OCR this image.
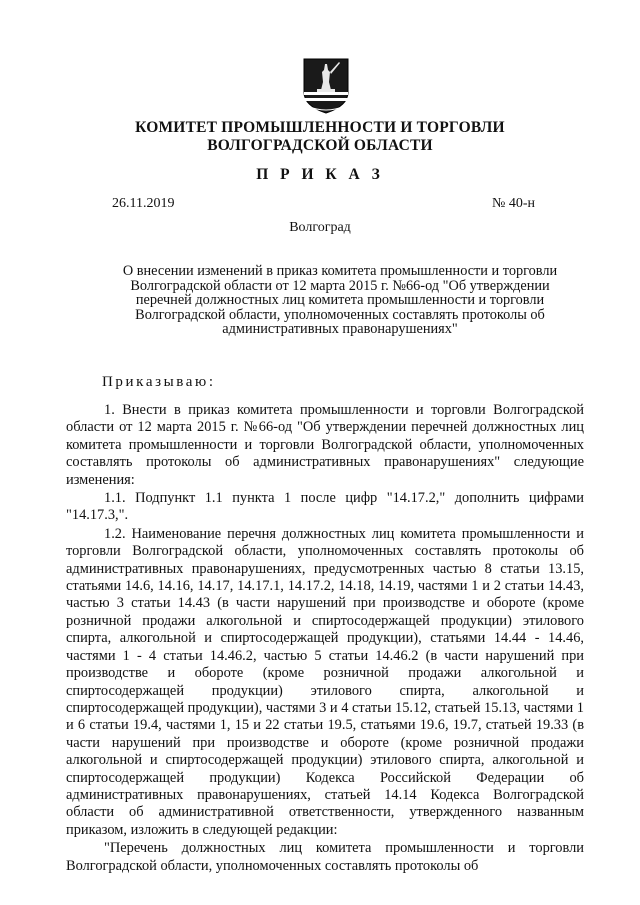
КОМИТЕТ ПРОМЫШЛЕННОСТИ И ТОРГОВЛИ
ВОЛГОГРАДСКОЙ ОБЛАСТИ
П Р И К А З
26.11.2019	№ 40-н
Волгоград
О внесении изменений в приказ комитета промышленности и торговли
Волгоградской области от 12 марта 2015 г. №66-од "Об утверждении
перечней должностных лиц комитета промышленности и торговли
Волгоградской области, уполномоченных составлять протоколы об
административных правонарушениях"
Приказываю:

1. Внести в приказ комитета промышленности и торговли Волгоградской области от 12 марта 2015 г. №66-од "Об утверждении перечней должностных лиц комитета промышленности и торговли Волгоградской области, уполномоченных составлять протоколы об административных правонарушениях" следующие изменения:

1.1. Подпункт 1.1 пункта 1 после цифр "14.17.2," дополнить цифрами "14.17.3,".

1.2. Наименование перечня должностных лиц комитета промышленности и торговли Волгоградской области, уполномоченных составлять протоколы об административных правонарушениях, предусмотренных частью 8 статьи 13.15, статьями 14.6, 14.16, 14.17, 14.17.1, 14.17.2, 14.18, 14.19, частями 1 и 2 статьи 14.43, частью 3 статьи 14.43 (в части нарушений при производстве и обороте (кроме розничной продажи алкогольной и спиртосодержащей продукции) этилового спирта, алкогольной и спиртосодержащей продукции), статьями 14.44 - 14.46, частями 1 - 4 статьи 14.46.2, частью 5 статьи 14.46.2 (в части нарушений при производстве и обороте (кроме розничной продажи алкогольной и спиртосодержащей продукции) этилового спирта, алкогольной и спиртосодержащей продукции), частями 3 и 4 статьи 15.12, статьей 15.13, частями 1 и 6 статьи 19.4, частями 1, 15 и 22 статьи 19.5, статьями 19.6, 19.7, статьей 19.33 (в части нарушений при производстве и обороте (кроме розничной продажи алкогольной и спиртосодержащей продукции) этилового спирта, алкогольной и спиртосодержащей продукции) Кодекса Российской Федерации об административных правонарушениях, статьей 14.14 Кодекса Волгоградской области об административной ответственности, утвержденного названным приказом, изложить в следующей редакции:

"Перечень должностных лиц комитета промышленности и торговли Волгоградской области, уполномоченных составлять протоколы об
